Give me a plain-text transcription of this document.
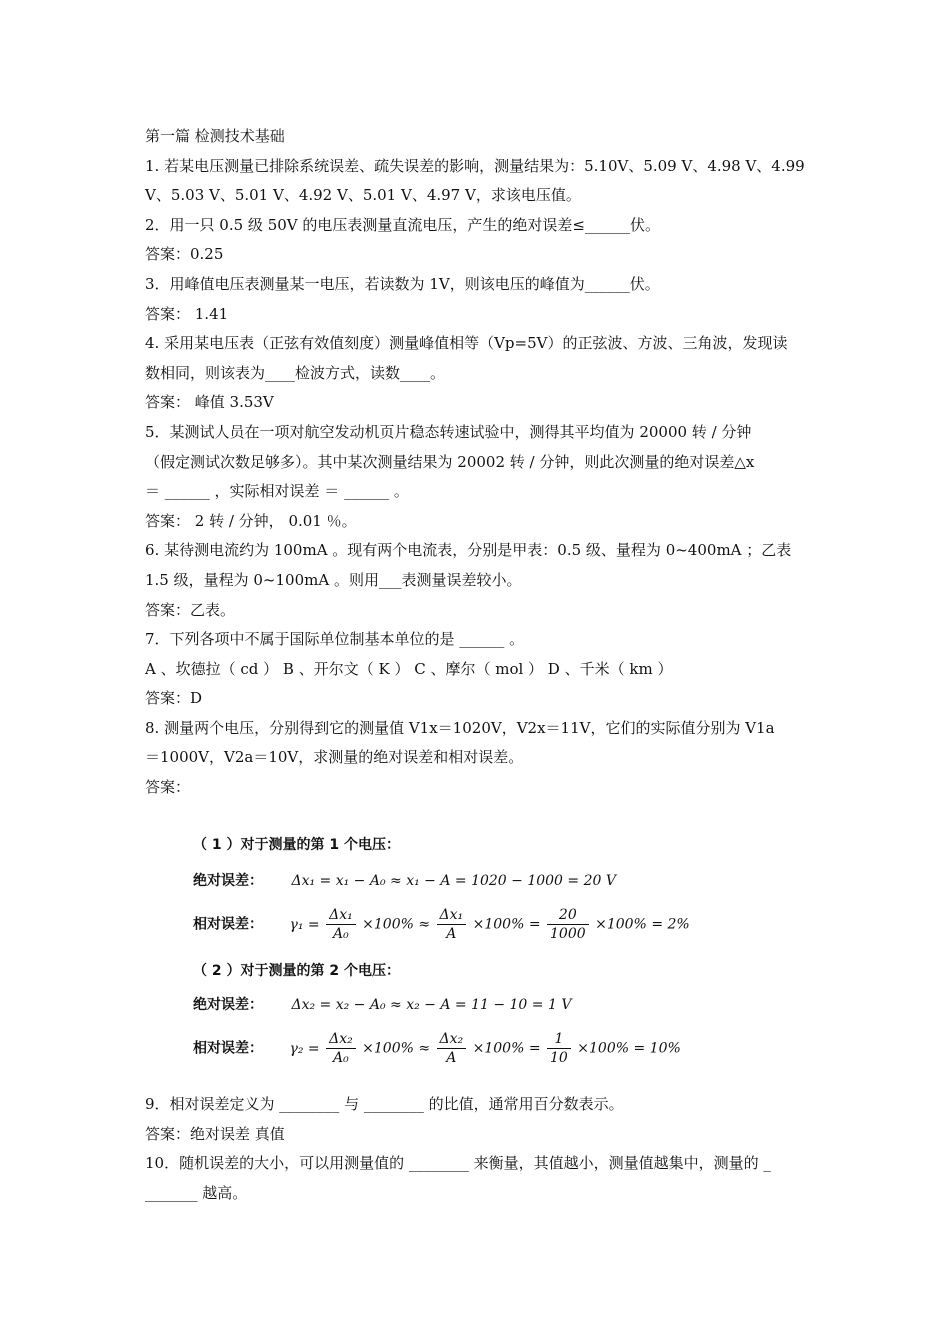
第一篇 检测技术基础
1. 若某电压测量已排除系统误差、疏失误差的影响，测量结果为：5.10V、5.09 V、4.98 V、4.99
V、5.03 V、5.01 V、4.92 V、5.01 V、4.97 V，求该电压值。
2．用一只 0.5 级 50V 的电压表测量直流电压，产生的绝对误差≤______伏。
答案：0.25
3．用峰值电压表测量某一电压，若读数为 1V，则该电压的峰值为______伏。
答案： 1.41
4. 采用某电压表（正弦有效值刻度）测量峰值相等（Vp=5V）的正弦波、方波、三角波，发现读
数相同，则该表为____检波方式，读数____。
答案： 峰值 3.53V
5．某测试人员在一项对航空发动机页片稳态转速试验中，测得其平均值为 20000 转 / 分钟
（假定测试次数足够多）。其中某次测量结果为 20002 转 / 分钟，则此次测量的绝对误差△x
＝ ______ ，实际相对误差 ＝ ______ 。
答案： 2 转 / 分钟， 0.01 ％。
6. 某待测电流约为 100mA 。现有两个电流表，分别是甲表：0.5 级、量程为 0~400mA ；乙表
1.5 级，量程为 0~100mA 。则用___表测量误差较小。
答案：乙表。
7．下列各项中不属于国际单位制基本单位的是 ______ 。
A 、坎德拉（ cd ） B 、开尔文（ K ） C 、摩尔（ mol ） D 、千米（ km ）
答案：D
8. 测量两个电压，分别得到它的测量值 V1x＝1020V，V2x＝11V，它们的实际值分别为 V1a
＝1000V，V2a＝10V，求测量的绝对误差和相对误差。
答案：
（ 1 ）对于测量的第 1 个电压：
绝对误差： Δx₁ = x₁ − A₀ ≈ x₁ − A = 1020 − 1000 = 20 V
相对误差： $\gamma_1 = \frac{\text{Δx₁}}{\text{A₀}} \times 100\% \approx \frac{\text{Δx₁}}{A} \times 100\% = \frac{20}{1000} \times 100\% = 2\%$
（ 2 ）对于测量的第 2 个电压：
绝对误差： Δx₂ = x₂ − A₀ ≈ x₂ − A = 11 − 10 = 1 V
相对误差： $\gamma_2 = \frac{\text{Δx₂}}{\text{A₀}} \times 100\% \approx \frac{\text{Δx₂}}{A} \times 100\% = \frac{1}{10} \times 100\% = 10\%$
9．相对误差定义为 ________ 与 ________ 的比值，通常用百分数表示。
答案：绝对误差 真值
10．随机误差的大小，可以用测量值的 ________ 来衡量，其值越小，测量值越集中，测量的 _
_______ 越高。
